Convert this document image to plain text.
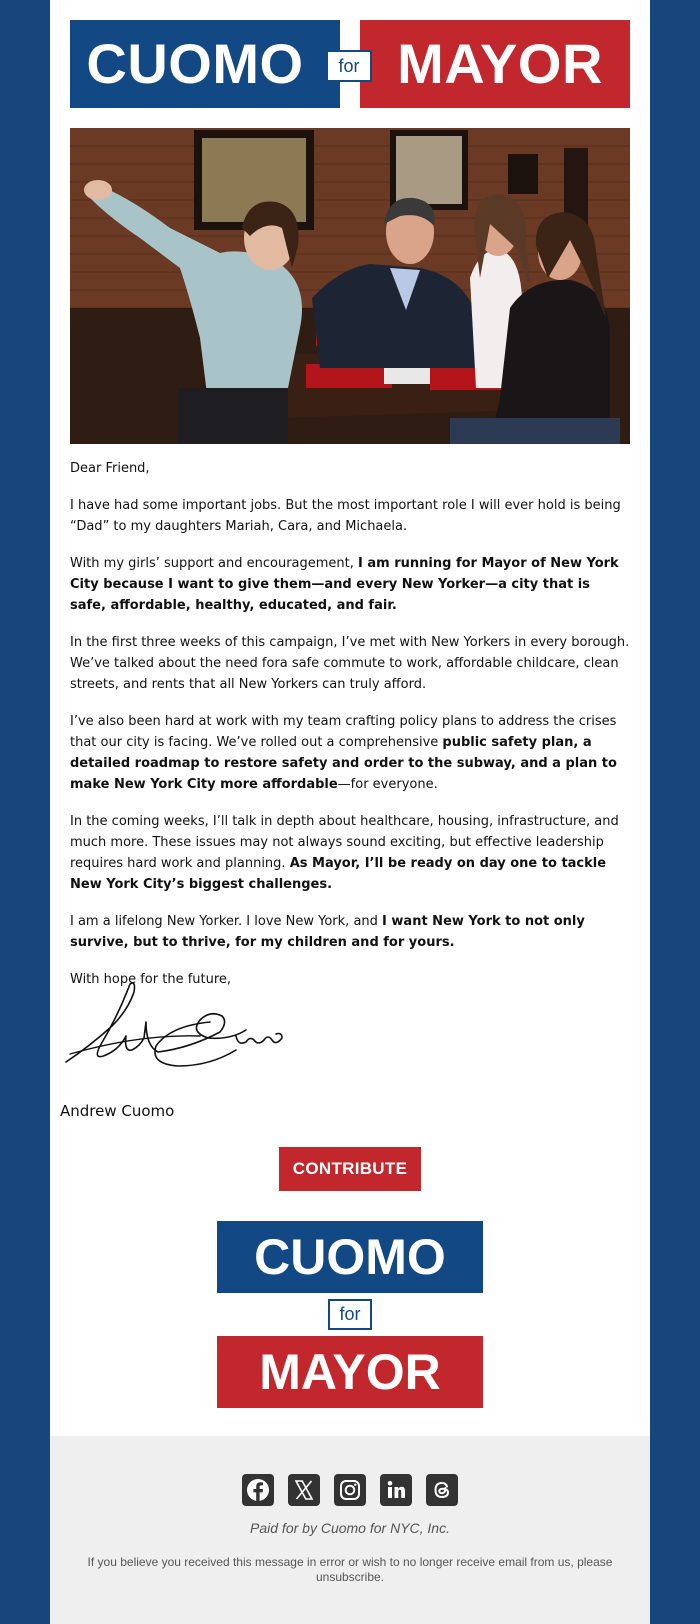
CUOMO	MAYOR
for

Dear Friend,

I have had some important jobs. But the most important role I will ever hold is being “Dad” to my daughters Mariah, Cara, and Michaela.

With my girls’ support and encouragement, I am running for Mayor of New York City because I want to give them—and every New Yorker—a city that is safe, affordable, healthy, educated, and fair.

In the first three weeks of this campaign, I’ve met with New Yorkers in every borough. We’ve talked about the need fora safe commute to work, affordable childcare, clean streets, and rents that all New Yorkers can truly afford.

I’ve also been hard at work with my team crafting policy plans to address the crises that our city is facing. We’ve rolled out a comprehensive public safety plan, a detailed roadmap to restore safety and order to the subway, and a plan to make New York City more affordable—for everyone.

In the coming weeks, I’ll talk in depth about healthcare, housing, infrastructure, and much more. These issues may not always sound exciting, but effective leadership requires hard work and planning. As Mayor, I’ll be ready on day one to tackle New York City’s biggest challenges.

I am a lifelong New Yorker. I love New York, and I want New York to not only survive, but to thrive, for my children and for yours.

With hope for the future,

Andrew Cuomo
CONTRIBUTE
CUOMO
MAYOR
for
Paid for by Cuomo for NYC, Inc.
If you believe you received this message in error or wish to no longer receive email from us, please unsubscribe.
